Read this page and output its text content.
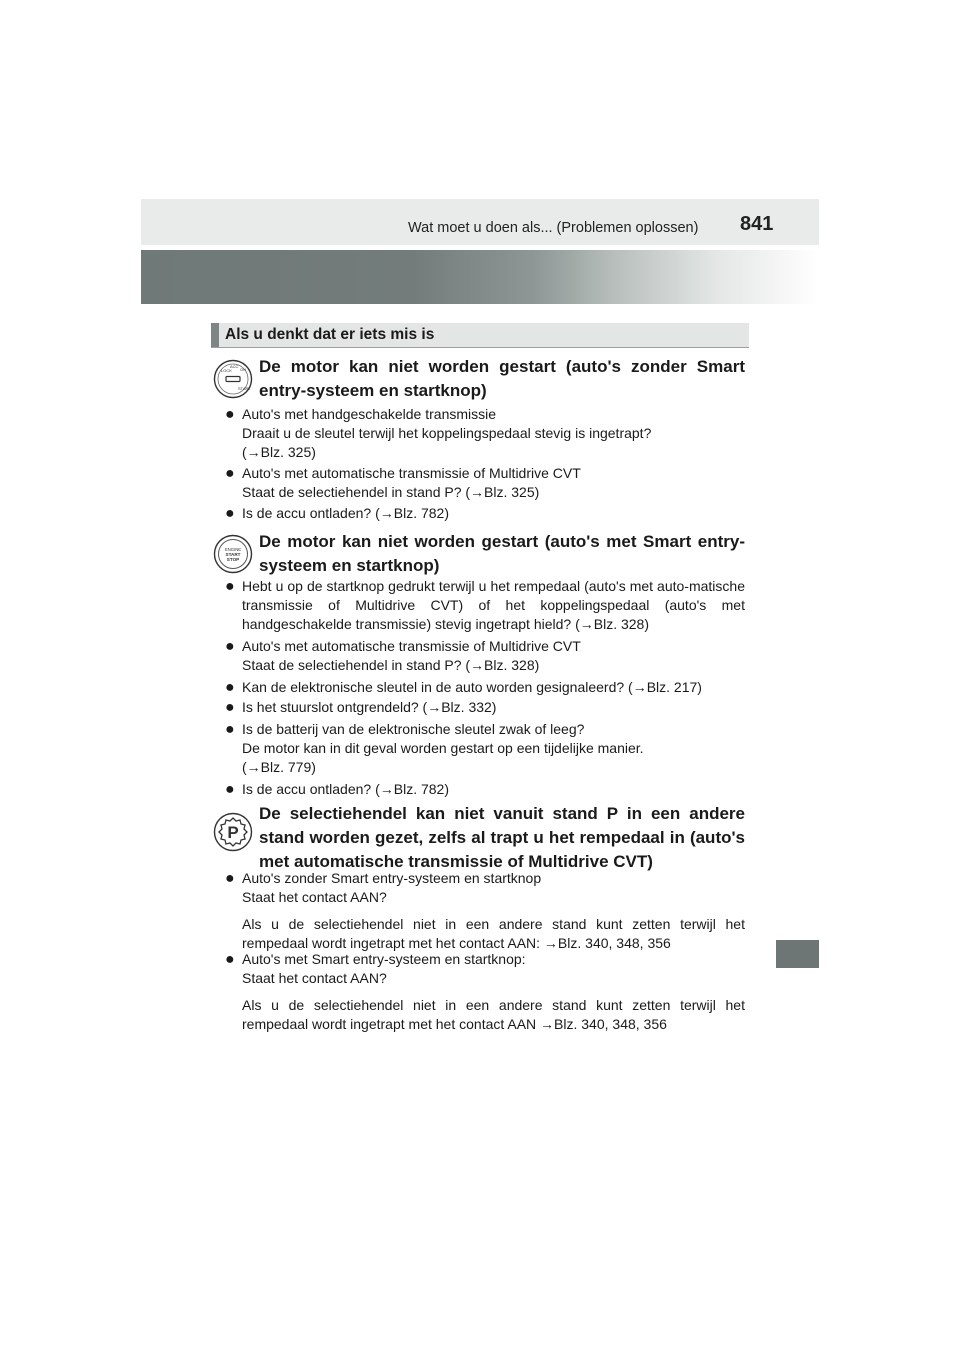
Wat moet u doen als... (Problemen oplossen) 841
Als u denkt dat er iets mis is
LOCK
ACC
ON
START
De motor kan niet worden gestart (auto's zonder Smart entry-systeem en startknop)
● Auto's met handgeschakelde transmissie
Draait u de sleutel terwijl het koppelingspedaal stevig is ingetrapt?
(→Blz. 325)
● Auto's met automatische transmissie of Multidrive CVT
Staat de selectiehendel in stand P? (→Blz. 325)
● Is de accu ontladen? (→Blz. 782)
ENGINE
START
STOP
De motor kan niet worden gestart (auto's met Smart entry-systeem en startknop)
● Hebt u op de startknop gedrukt terwijl u het rempedaal (auto's met auto-matische transmissie of Multidrive CVT) of het koppelingspedaal (auto's met handgeschakelde transmissie) stevig ingetrapt hield? (→Blz. 328)
● Auto's met automatische transmissie of Multidrive CVT
Staat de selectiehendel in stand P? (→Blz. 328)
● Kan de elektronische sleutel in de auto worden gesignaleerd? (→Blz. 217)
● Is het stuurslot ontgrendeld? (→Blz. 332)
● Is de batterij van de elektronische sleutel zwak of leeg?
De motor kan in dit geval worden gestart op een tijdelijke manier.
(→Blz. 779)
● Is de accu ontladen? (→Blz. 782)
P
De selectiehendel kan niet vanuit stand P in een andere stand worden gezet, zelfs al trapt u het rempedaal in (auto's met automatische transmissie of Multidrive CVT)
● Auto's zonder Smart entry-systeem en startknop
Staat het contact AAN?
Als u de selectiehendel niet in een andere stand kunt zetten terwijl het rempedaal wordt ingetrapt met het contact AAN: →Blz. 340, 348, 356
● Auto's met Smart entry-systeem en startknop:
Staat het contact AAN?
Als u de selectiehendel niet in een andere stand kunt zetten terwijl het rempedaal wordt ingetrapt met het contact AAN →Blz. 340, 348, 356
